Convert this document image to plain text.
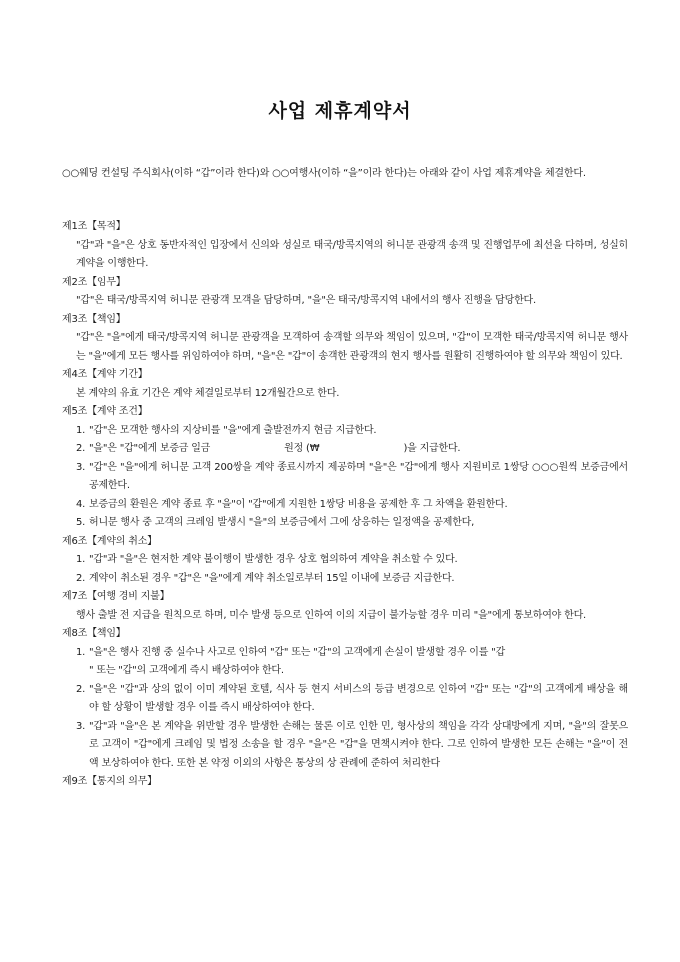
사업 제휴계약서
○○웨딩 컨설팅 주식회사(이하 “갑”이라 한다)와 ○○여행사(이하 “을”이라 한다)는 아래와 같이 사업 제휴계약을 체결한다.
제1조【목적】
"갑"과 "을"은 상호 동반자적인 입장에서 신의와 성실로 태국/방콕지역의 허니문 관광객 송객 및 진행업무에 최선을 다하며, 성실히 계약을 이행한다.
제2조【임무】
"갑"은 태국/방콕지역 허니문 관광객 모객을 담당하며, "을"은 태국/방콕지역 내에서의 행사 진행을 담당한다.
제3조【책임】
"갑"은 "을"에게 태국/방콕지역 허니문 관광객을 모객하여 송객할 의무와 책임이 있으며, "갑"이 모객한 태국/방콕지역 허니문 행사는 "을"에게 모든 행사를 위임하여야 하며, "을"은 "갑"이 송객한 관광객의 현지 행사를 원활히 진행하여야 할 의무와 책임이 있다.
제4조【계약 기간】
본 계약의 유효 기간은 계약 체결일로부터 12개월간으로 한다.
제5조【계약 조건】
1. "갑"은 모객한 행사의 지상비를 "을"에게 출발전까지 현금 지급한다.
2. "을"은 "갑"에게 보증금 일금	원정 (₩	)을 지급한다.
3. "갑"은 "을"에게 허니문 고객 200쌍을 계약 종료시까지 제공하며 "을"은 "갑"에게 행사 지원비로 1쌍당 ○○○원씩 보증금에서 공제한다.
4. 보증금의 환원은 계약 종료 후 "을"이 "갑"에게 지원한 1쌍당 비용을 공제한 후 그 차액을 환원한다.
5. 허니문 행사 중 고객의 크레임 발생시 "을"의 보증금에서 그에 상응하는 일정액을 공제한다,
제6조【계약의 취소】
1. "갑"과 "을"은 현저한 계약 불이행이 발생한 경우 상호 협의하여 계약을 취소할 수 있다.
2. 계약이 취소된 경우 "갑"은 "을"에게 계약 취소일로부터 15일 이내에 보증금 지급한다.
제7조【여행 경비 지불】
행사 출발 전 지급을 원칙으로 하며, 미수 발생 등으로 인하여 이의 지급이 불가능할 경우 미리 "을"에게 통보하여야 한다.
제8조【책임】
1. "을"은 행사 진행 중 실수나 사고로 인하여 "갑" 또는 "갑"의 고객에게 손실이 발생할 경우 이를 "갑
" 또는 "갑"의 고객에게 즉시 배상하여야 한다.
2. "을"은 "갑"과 상의 없이 이미 계약된 호텔, 식사 등 현지 서비스의 등급 변경으로 인하여 "갑" 또는 "갑"의 고객에게 배상을 해야 할 상황이 발생할 경우 이를 즉시 배상하여야 한다.
3. "갑"과 "을"은 본 계약을 위반할 경우 발생한 손해는 물론 이로 인한 민, 형사상의 책임을 각각 상대방에게 지며, "을"의 잘못으로 고객이 "갑"에게 크레임 및 법정 소송을 할 경우 "을"은 "갑"을 면책시켜야 한다. 그로 인하여 발생한 모든 손해는 "을"이 전액 보상하여야 한다. 또한 본 약정 이외의 사항은 통상의 상 관례에 준하여 처리한다
제9조【통지의 의무】
